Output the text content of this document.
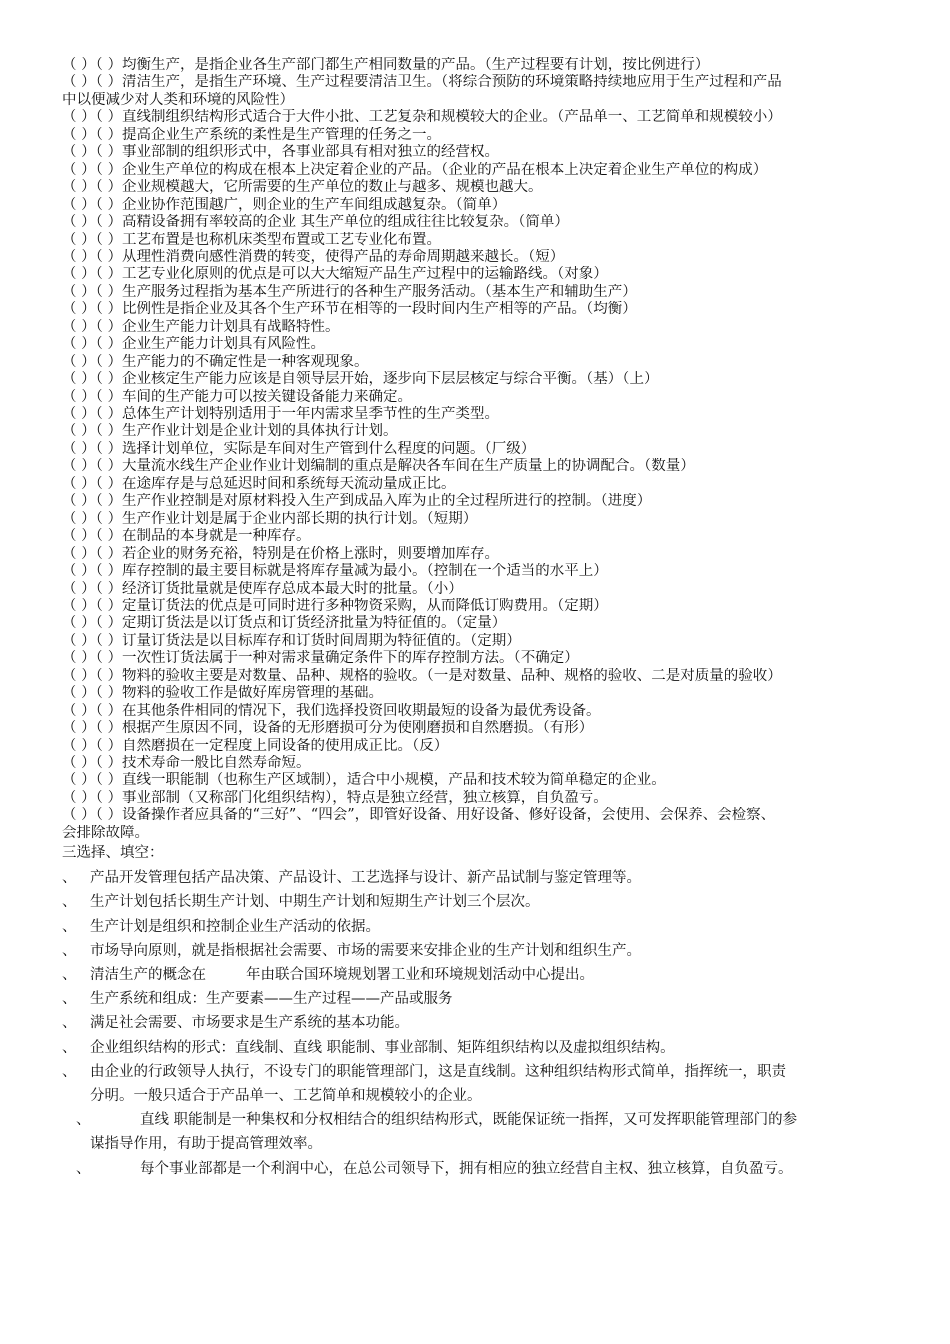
（ ）（ ）均衡生产，是指企业各生产部门都生产相同数量的产品。（生产过程要有计划，按比例进行）
（ ）（ ）清洁生产，是指生产环境、生产过程要清洁卫生。（将综合预防的环境策略持续地应用于生产过程和产品
中以便减少对人类和环境的风险性）
（ ）（ ）直线制组织结构形式适合于大件小批、工艺复杂和规模较大的企业。（产品单一、工艺简单和规模较小）
（ ）（ ）提高企业生产系统的柔性是生产管理的任务之一。
（ ）（ ）事业部制的组织形式中，各事业部具有相对独立的经营权。
（ ）（ ）企业生产单位的构成在根本上决定着企业的产品。（企业的产品在根本上决定着企业生产单位的构成）
（ ）（ ）企业规模越大，它所需要的生产单位的数止与越多、规模也越大。
（ ）（ ）企业协作范围越广，则企业的生产车间组成越复杂。（简单）
（ ）（ ）高精设备拥有率较高的企业 其生产单位的组成往往比较复杂。（简单）
（ ）（ ）工艺布置是也称机床类型布置或工艺专业化布置。
（ ）（ ）从理性消费向感性消费的转变，使得产品的寿命周期越来越长。（短）
（ ）（ ）工艺专业化原则的优点是可以大大缩短产品生产过程中的运输路线。（对象）
（ ）（ ）生产服务过程指为基本生产所进行的各种生产服务活动。（基本生产和辅助生产）
（ ）（ ）比例性是指企业及其各个生产环节在相等的一段时间内生产相等的产品。（均衡）
（ ）（ ）企业生产能力计划具有战略特性。
（ ）（ ）企业生产能力计划具有风险性。
（ ）（ ）生产能力的不确定性是一种客观现象。
（ ）（ ）企业核定生产能力应该是自领导层开始，逐步向下层层核定与综合平衡。（基）（上）
（ ）（ ）车间的生产能力可以按关键设备能力来确定。
（ ）（ ）总体生产计划特别适用于一年内需求呈季节性的生产类型。
（ ）（ ）生产作业计划是企业计划的具体执行计划。
（ ）（ ）选择计划单位，实际是车间对生产管到什么程度的问题。（厂级）
（ ）（ ）大量流水线生产企业作业计划编制的重点是解决各车间在生产质量上的协调配合。（数量）
（ ）（ ）在途库存是与总延迟时间和系统每天流动量成正比。
（ ）（ ）生产作业控制是对原材料投入生产到成品入库为止的全过程所进行的控制。（进度）
（ ）（ ）生产作业计划是属于企业内部长期的执行计划。（短期）
（ ）（ ）在制品的本身就是一种库存。
（ ）（ ）若企业的财务充裕，特别是在价格上涨时，则要增加库存。
（ ）（ ）库存控制的最主要目标就是将库存量减为最小。（控制在一个适当的水平上）
（ ）（ ）经济订货批量就是使库存总成本最大时的批量。（小）
（ ）（ ）定量订货法的优点是可同时进行多种物资采购，从而降低订购费用。（定期）
（ ）（ ）定期订货法是以订货点和订货经济批量为特征值的。（定量）
（ ）（ ）订量订货法是以目标库存和订货时间周期为特征值的。（定期）
（ ）（ ）一次性订货法属于一种对需求量确定条件下的库存控制方法。（不确定）
（ ）（ ）物料的验收主要是对数量、品种、规格的验收。（一是对数量、品种、规格的验收、二是对质量的验收）
（ ）（ ）物料的验收工作是做好库房管理的基础。
（ ）（ ）在其他条件相同的情况下，我们选择投资回收期最短的设备为最优秀设备。
（ ）（ ）根据产生原因不同，设备的无形磨损可分为使刚磨损和自然磨损。（有形）
（ ）（ ）自然磨损在一定程度上同设备的使用成正比。（反）
（ ）（ ）技术寿命一般比自然寿命短。
（ ）（ ）直线一职能制（也称生产区域制），适合中小规模，产品和技术较为简单稳定的企业。
（ ）（ ）事业部制（又称部门化组织结构），特点是独立经营，独立核算，自负盈亏。
（ ）（ ）设备操作者应具备的“三好”、“四会”，即管好设备、用好设备、修好设备，会使用、会保养、会检察、
会排除故障。
三选择、填空：
、 产品开发管理包括产品决策、产品设计、工艺选择与设计、新产品试制与鉴定管理等。
、 生产计划包括长期生产计划、中期生产计划和短期生产计划三个层次。
、 生产计划是组织和控制企业生产活动的依据。
、 市场导向原则，就是指根据社会需要、市场的需要来安排企业的生产计划和组织生产。
、 清洁生产的概念在	年由联合国环境规划署工业和环境规划活动中心提出。
、 生产系统和组成：生产要素——生产过程——产品或服务
、 满足社会需要、市场要求是生产系统的基本功能。
、 企业组织结构的形式：直线制、直线 职能制、事业部制、矩阵组织结构以及虚拟组织结构。
、 由企业的行政领导人执行，不设专门的职能管理部门，这是直线制。这种组织结构形式简单，指挥统一，职责
分明。一般只适合于产品单一、工艺简单和规模较小的企业。
、	直线 职能制是一种集权和分权相结合的组织结构形式，既能保证统一指挥，又可发挥职能管理部门的参
谋指导作用，有助于提高管理效率。
、	每个事业部都是一个利润中心，在总公司领导下，拥有相应的独立经营自主权、独立核算，自负盈亏。
